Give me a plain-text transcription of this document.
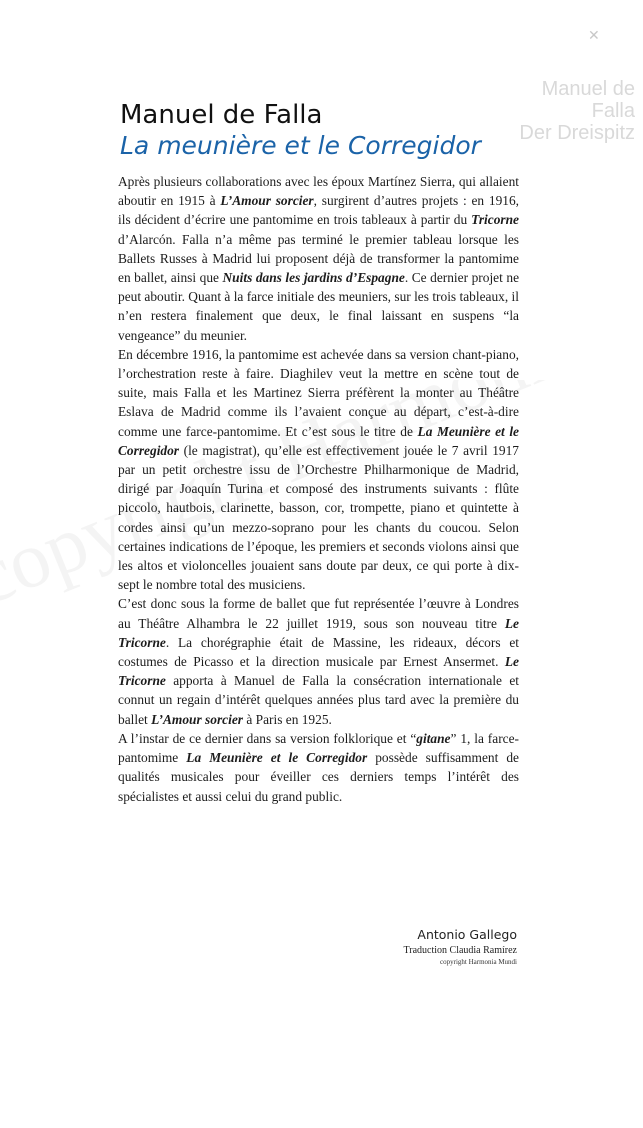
✕
Manuel de Falla
Der Dreispitz
Manuel de Falla
La meunière et le Corregidor

Après plusieurs collaborations avec les époux Martínez Sierra, qui allaient aboutir en 1915 à L’Amour sorcier, surgirent d’autres projets : en 1916, ils décident d’écrire une pantomime en trois tableaux à partir du Tricorne d’Alarcón. Falla n’a même pas terminé le premier tableau lorsque les Ballets Russes à Madrid lui proposent déjà de transformer la pantomime en ballet, ainsi que Nuits dans les jardins d’Espagne. Ce dernier projet ne peut aboutir. Quant à la farce initiale des meuniers, sur les trois tableaux, il n’en restera finalement que deux, le final laissant en suspens “la vengeance” du meunier.

En décembre 1916, la pantomime est achevée dans sa version chant-piano, l’orchestration reste à faire. Diaghilev veut la mettre en scène tout de suite, mais Falla et les Martinez Sierra préfèrent la monter au Théâtre Eslava de Madrid comme ils l’avaient conçue au départ, c’est-à-dire comme une farce-pantomime. Et c’est sous le titre de La Meunière et le Corregidor (le magistrat), qu’elle est effectivement jouée le 7 avril 1917 par un petit orchestre issu de l’Orchestre Philharmonique de Madrid, dirigé par Joaquín Turina et composé des instruments suivants : flûte piccolo, hautbois, clarinette, basson, cor, trompette, piano et quintette à cordes ainsi qu’un mezzo-soprano pour les chants du coucou. Selon certaines indications de l’époque, les premiers et seconds violons ainsi que les altos et violoncelles jouaient sans doute par deux, ce qui porte à dix-sept le nombre total des musiciens.

C’est donc sous la forme de ballet que fut représentée l’œuvre à Londres au Théâtre Alhambra le 22 juillet 1919, sous son nouveau titre Le Tricorne. La chorégraphie était de Massine, les rideaux, décors et costumes de Picasso et la direction musicale par Ernest Ansermet. Le Tricorne apporta à Manuel de Falla la consécration internationale et connut un regain d’intérêt quelques années plus tard avec la première du ballet L’Amour sorcier à Paris en 1925.

A l’instar de ce dernier dans sa version folklorique et “gitane” 1, la farce-pantomime La Meunière et le Corregidor possède suffisamment de qualités musicales pour éveiller ces derniers temps l’intérêt des spécialistes et aussi celui du grand public.

Antonio Gallego
Traduction Claudia Ramírez
copyright Harmonia Mundi
